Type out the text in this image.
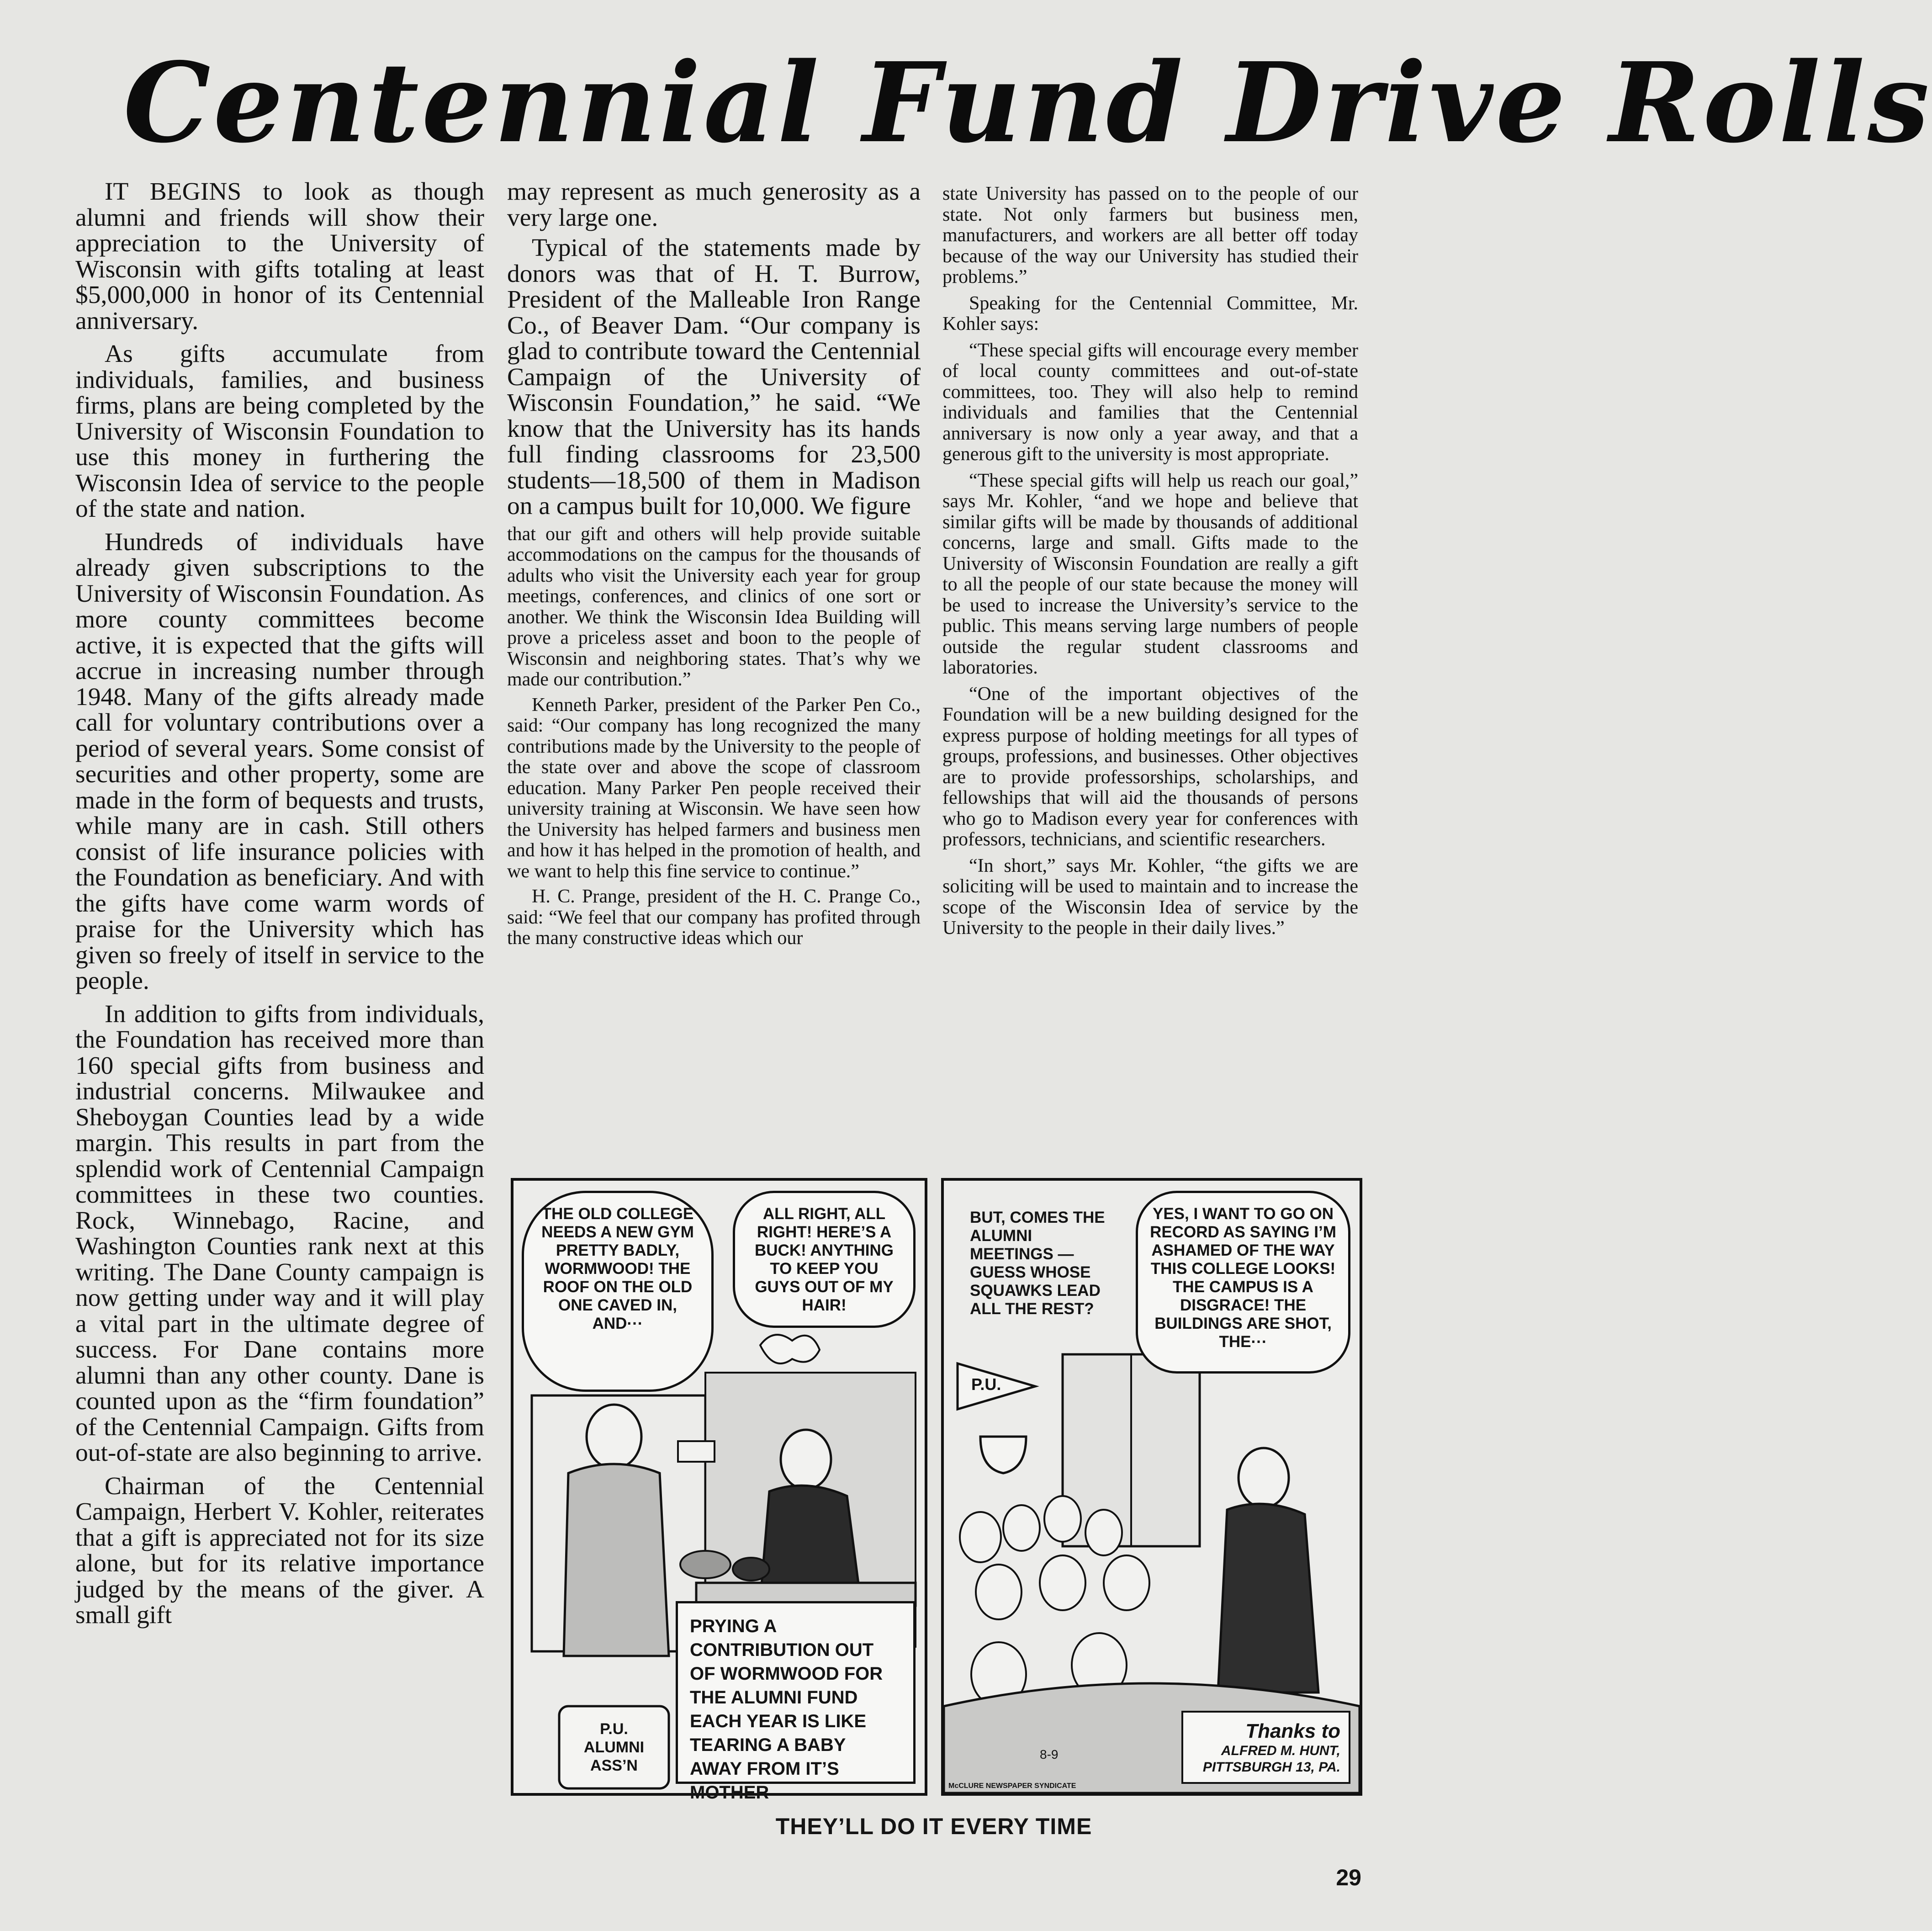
Centennial Fund Drive Rolls

IT BEGINS to look as though alumni and friends will show their appreciation to the University of Wisconsin with gifts totaling at least $5,000,000 in honor of its Centennial anniversary.

As gifts accumulate from individuals, families, and business firms, plans are being completed by the University of Wisconsin Foundation to use this money in furthering the Wisconsin Idea of service to the people of the state and nation.

Hundreds of individuals have already given subscriptions to the University of Wisconsin Foundation. As more county committees become active, it is expected that the gifts will accrue in increasing number through 1948. Many of the gifts already made call for voluntary contributions over a period of several years. Some consist of securities and other property, some are made in the form of bequests and trusts, while many are in cash. Still others consist of life insurance policies with the Foundation as beneficiary. And with the gifts have come warm words of praise for the University which has given so freely of itself in service to the people.

In addition to gifts from individuals, the Foundation has received more than 160 special gifts from business and industrial concerns. Milwaukee and Sheboygan Counties lead by a wide margin. This results in part from the splendid work of Centennial Campaign committees in these two counties. Rock, Winnebago, Racine, and Washington Counties rank next at this writing. The Dane County campaign is now getting under way and it will play a vital part in the ultimate degree of success. For Dane contains more alumni than any other county. Dane is counted upon as the “firm foundation” of the Centennial Campaign. Gifts from out-of-state are also beginning to arrive.

Chairman of the Centennial Campaign, Herbert V. Kohler, reiterates that a gift is appreciated not for its size alone, but for its relative importance judged by the means of the giver. A small gift

may represent as much generosity as a very large one.

Typical of the statements made by donors was that of H. T. Burrow, President of the Malleable Iron Range Co., of Beaver Dam. “Our company is glad to contribute toward the Centennial Campaign of the University of Wisconsin Foundation,” he said. “We know that the University has its hands full finding classrooms for 23,500 students—18,500 of them in Madison on a campus built for 10,000. We figure

that our gift and others will help provide suitable accommodations on the campus for the thousands of adults who visit the University each year for group meetings, conferences, and clinics of one sort or another. We think the Wisconsin Idea Building will prove a priceless asset and boon to the people of Wisconsin and neighboring states. That’s why we made our contribution.”

Kenneth Parker, president of the Parker Pen Co., said: “Our company has long recognized the many contributions made by the University to the people of the state over and above the scope of classroom education. Many Parker Pen people received their university training at Wisconsin. We have seen how the University has helped farmers and business men and how it has helped in the promotion of health, and we want to help this fine service to continue.”

H. C. Prange, president of the H. C. Prange Co., said: “We feel that our company has profited through the many constructive ideas which our

state University has passed on to the people of our state. Not only farmers but business men, manufacturers, and workers are all better off today because of the way our University has studied their problems.”

Speaking for the Centennial Committee, Mr. Kohler says:

“These special gifts will encourage every member of local county committees and out-of-state committees, too. They will also help to remind individuals and families that the Centennial anniversary is now only a year away, and that a generous gift to the university is most appropriate.

“These special gifts will help us reach our goal,” says Mr. Kohler, “and we hope and believe that similar gifts will be made by thousands of additional concerns, large and small. Gifts made to the University of Wisconsin Foundation are really a gift to all the people of our state because the money will be used to increase the University’s service to the public. This means serving large numbers of people outside the regular student classrooms and laboratories.

“One of the important objectives of the Foundation will be a new building designed for the express purpose of holding meetings for all types of groups, professions, and businesses. Other objectives are to provide professorships, scholarships, and fellowships that will aid the thousands of persons who go to Madison every year for conferences with professors, technicians, and scientific researchers.

“In short,” says Mr. Kohler, “the gifts we are soliciting will be used to maintain and to increase the scope of the Wisconsin Idea of service by the University to the people in their daily lives.”

THE OLD COLLEGE NEEDS A NEW GYM PRETTY BADLY, WORMWOOD! THE ROOF ON THE OLD ONE CAVED IN, AND···
ALL RIGHT, ALL RIGHT! HERE’S A BUCK! ANYTHING TO KEEP YOU GUYS OUT OF MY HAIR!
P.U. ALUMNI ASS’N
PRYING A CONTRIBUTION OUT OF WORMWOOD FOR THE ALUMNI FUND EACH YEAR IS LIKE TEARING A BABY AWAY FROM IT’S MOTHER
BUT, COMES THE ALUMNI MEETINGS — GUESS WHOSE SQUAWKS LEAD ALL THE REST?
YES, I WANT TO GO ON RECORD AS SAYING I’M ASHAMED OF THE WAY THIS COLLEGE LOOKS! THE CAMPUS IS A DISGRACE! THE BUILDINGS ARE SHOT, THE···
P.U.
8-9
Thanks to
ALFRED M. HUNT,
PITTSBURGH 13, PA.
McCLURE NEWSPAPER SYNDICATE
THEY’LL DO IT EVERY TIME
29
